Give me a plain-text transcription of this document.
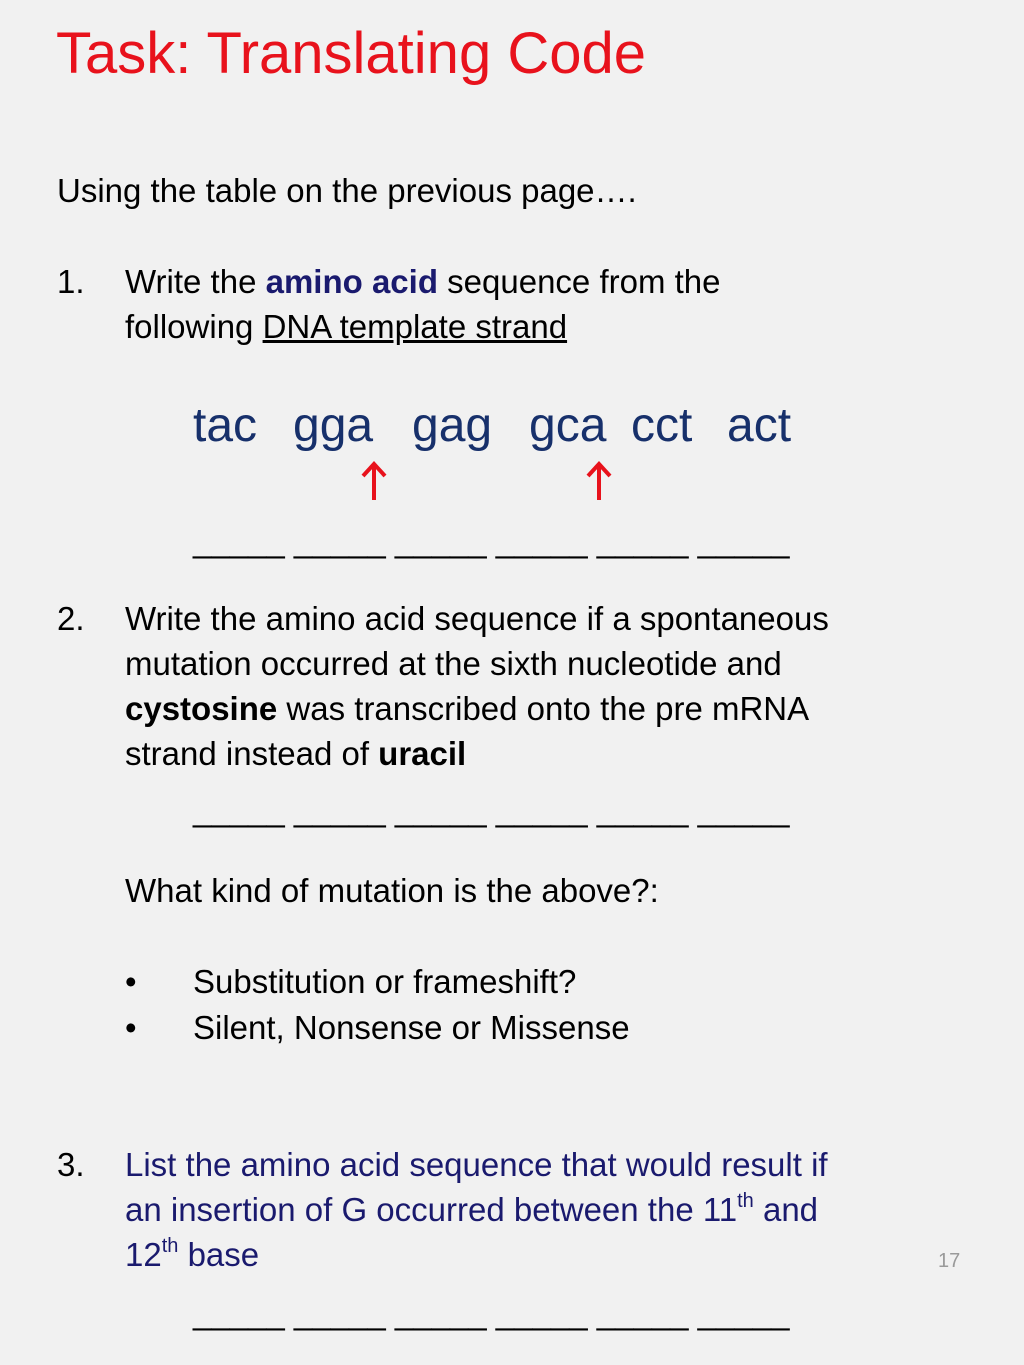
Task: Translating Code
Using the table on the previous page….
1. Write the amino acid sequence from the
following DNA template strand
tac gga gag gca cct act
_____ _____ _____ _____ _____ _____
2. Write the amino acid sequence if a spontaneous
mutation occurred at the sixth nucleotide and
cystosine was transcribed onto the pre mRNA
strand instead of uracil
_____ _____ _____ _____ _____ _____
What kind of mutation is the above?:
• Substitution or frameshift?
• Silent, Nonsense or Missense
3. List the amino acid sequence that would result if
an insertion of G occurred between the 11th and
12th base	17
_____ _____ _____ _____ _____ _____
